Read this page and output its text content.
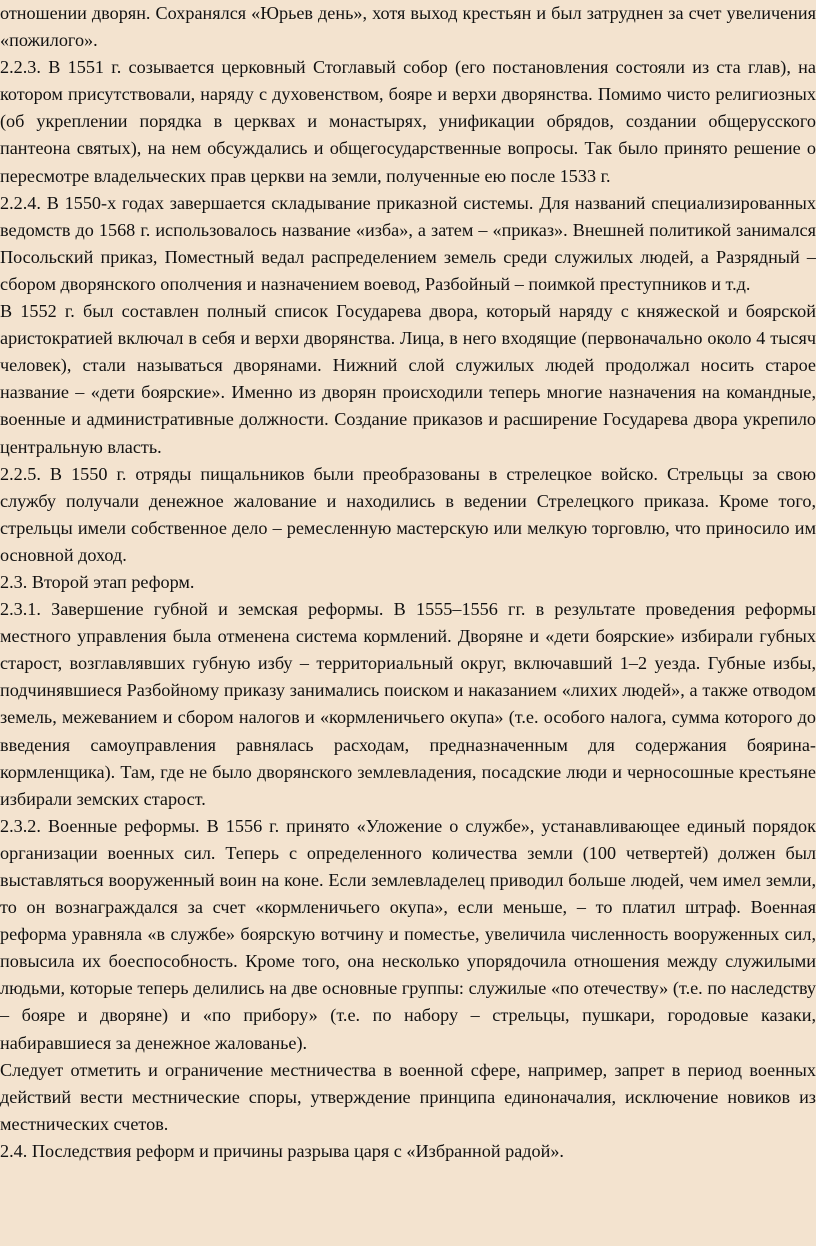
отношении дворян. Сохранялся «Юрьев день», хотя выход крестьян и был затруднен за счет увеличения «пожилого».

2.2.3. В 1551 г. созывается церковный Стоглавый собор (его постановления состояли из ста глав), на котором присутствовали, наряду с духовенством, бояре и верхи дворянства. Помимо чисто религиозных (об укреплении порядка в церквах и монастырях, унификации обрядов, создании общерусского пантеона святых), на нем обсуждались и общегосударственные вопросы. Так было принято решение о пересмотре владельческих прав церкви на земли, полученные ею после 1533 г.

2.2.4. В 1550-х годах завершается складывание приказной системы. Для названий специализированных ведомств до 1568 г. использовалось название «изба», а затем – «приказ». Внешней политикой занимался Посольский приказ, Поместный ведал распределением земель среди служилых людей, а Разрядный – сбором дворянского ополчения и назначением воевод, Разбойный – поимкой преступников и т.д.

В 1552 г. был составлен полный список Государева двора, который наряду с княжеской и боярской аристократией включал в себя и верхи дворянства. Лица, в него входящие (первоначально около 4 тысяч человек), стали называться дворянами. Нижний слой служилых людей продолжал носить старое название – «дети боярские». Именно из дворян происходили теперь многие назначения на командные, военные и административные должности. Создание приказов и расширение Государева двора укрепило центральную власть.

2.2.5. В 1550 г. отряды пищальников были преобразованы в стрелецкое войско. Стрельцы за свою службу получали денежное жалование и находились в ведении Стрелецкого приказа. Кроме того, стрельцы имели собственное дело – ремесленную мастерскую или мелкую торговлю, что приносило им основной доход.

2.3. Второй этап реформ.

2.3.1. Завершение губной и земская реформы. В 1555–1556 гг. в результате проведения реформы местного управления была отменена система кормлений. Дворяне и «дети боярские» избирали губных старост, возглавлявших губную избу – территориальный округ, включавший 1–2 уезда. Губные избы, подчинявшиеся Разбойному приказу занимались поиском и наказанием «лихих людей», а также отводом земель, межеванием и сбором налогов и «кормленичьего окупа» (т.е. особого налога, сумма которого до введения самоуправления равнялась расходам, предназначенным для содержания боярина-кормленщика). Там, где не было дворянского землевладения, посадские люди и черносошные крестьяне избирали земских старост.

2.3.2. Военные реформы. В 1556 г. принято «Уложение о службе», устанавливающее единый порядок организации военных сил. Теперь с определенного количества земли (100 четвертей) должен был выставляться вооруженный воин на коне. Если землевладелец приводил больше людей, чем имел земли, то он вознаграждался за счет «кормленичьего окупа», если меньше, – то платил штраф. Военная реформа уравняла «в службе» боярскую вотчину и поместье, увеличила численность вооруженных сил, повысила их боеспособность. Кроме того, она несколько упорядочила отношения между служилыми людьми, которые теперь делились на две основные группы: служилые «по отечеству» (т.е. по наследству – бояре и дворяне) и «по прибору» (т.е. по набору – стрельцы, пушкари, городовые казаки, набиравшиеся за денежное жалованье).

Следует отметить и ограничение местничества в военной сфере, например, запрет в период военных действий вести местнические споры, утверждение принципа единоначалия, исключение новиков из местнических счетов.

2.4. Последствия реформ и причины разрыва царя с «Избранной радой».
